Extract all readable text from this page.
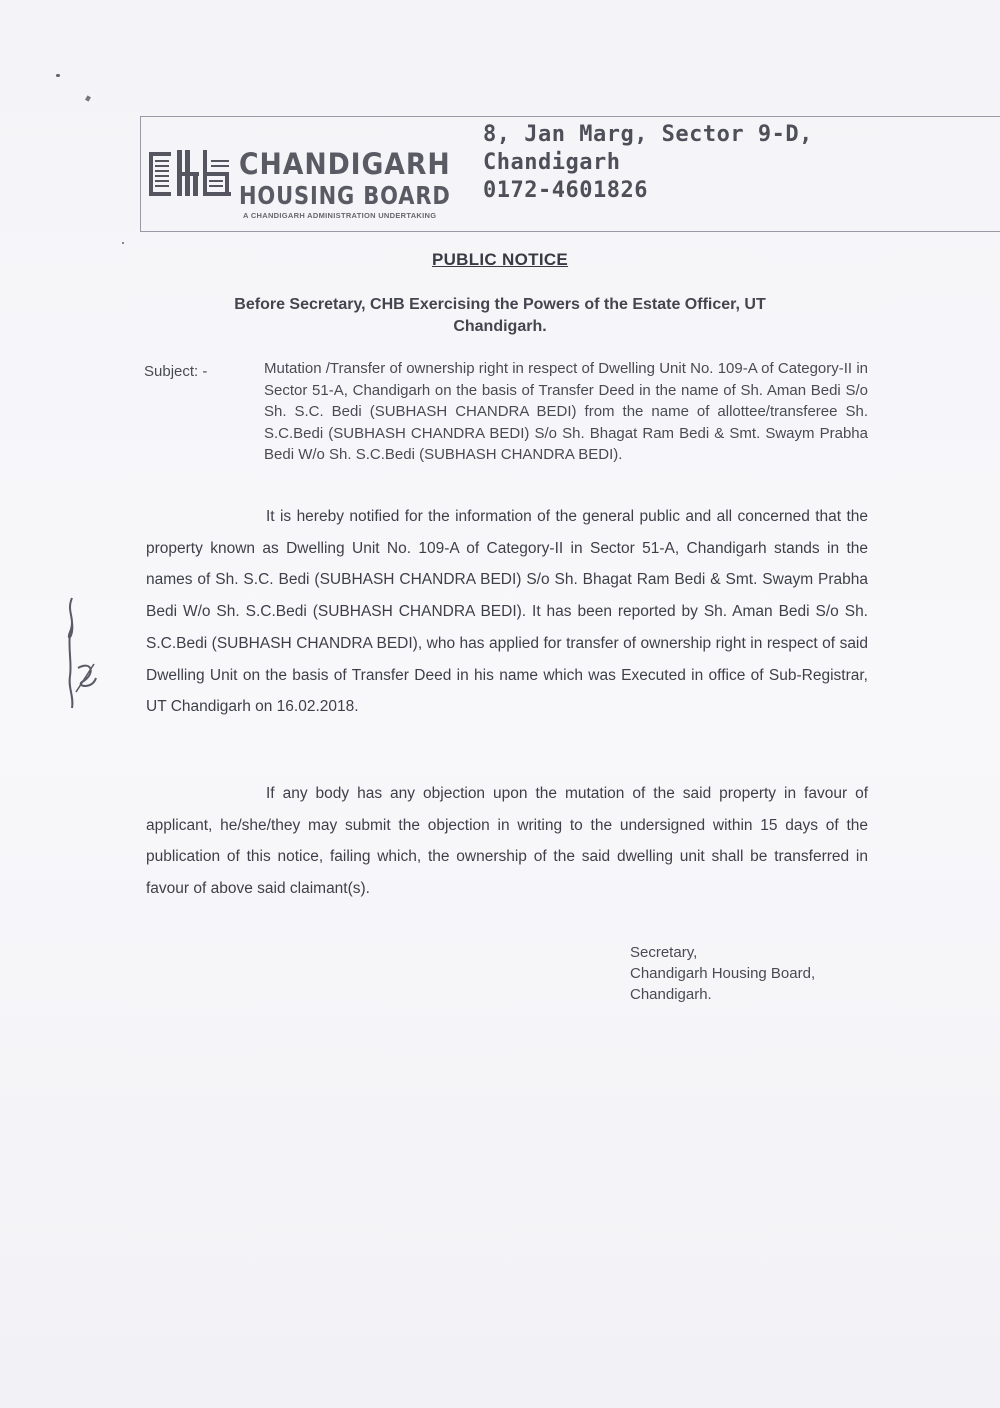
CHANDIGARH
HOUSING BOARD
A CHANDIGARH ADMINISTRATION UNDERTAKING
8, Jan Marg, Sector 9-D,
Chandigarh
0172-4601826
PUBLIC NOTICE
Before Secretary, CHB Exercising the Powers of the Estate Officer, UT Chandigarh.
Subject: -	Mutation /Transfer of ownership right in respect of Dwelling Unit No. 109-A of Category-II in Sector 51-A, Chandigarh on the basis of Transfer Deed in the name of Sh. Aman Bedi S/o Sh. S.C. Bedi (SUBHASH CHANDRA BEDI) from the name of allottee/transferee Sh. S.C.Bedi (SUBHASH CHANDRA BEDI) S/o Sh. Bhagat Ram Bedi & Smt. Swaym Prabha Bedi W/o Sh. S.C.Bedi (SUBHASH CHANDRA BEDI).
It is hereby notified for the information of the general public and all concerned that the property known as Dwelling Unit No. 109-A of Category-II in Sector 51-A, Chandigarh stands in the names of Sh. S.C. Bedi (SUBHASH CHANDRA BEDI) S/o Sh. Bhagat Ram Bedi & Smt. Swaym Prabha Bedi W/o Sh. S.C.Bedi (SUBHASH CHANDRA BEDI). It has been reported by Sh. Aman Bedi S/o Sh. S.C.Bedi (SUBHASH CHANDRA BEDI), who has applied for transfer of ownership right in respect of said Dwelling Unit on the basis of Transfer Deed in his name which was Executed in office of Sub-Registrar, UT Chandigarh on 16.02.2018.
If any body has any objection upon the mutation of the said property in favour of applicant, he/she/they may submit the objection in writing to the undersigned within 15 days of the publication of this notice, failing which, the ownership of the said dwelling unit shall be transferred in favour of above said claimant(s).
Secretary,
Chandigarh Housing Board,
Chandigarh.
